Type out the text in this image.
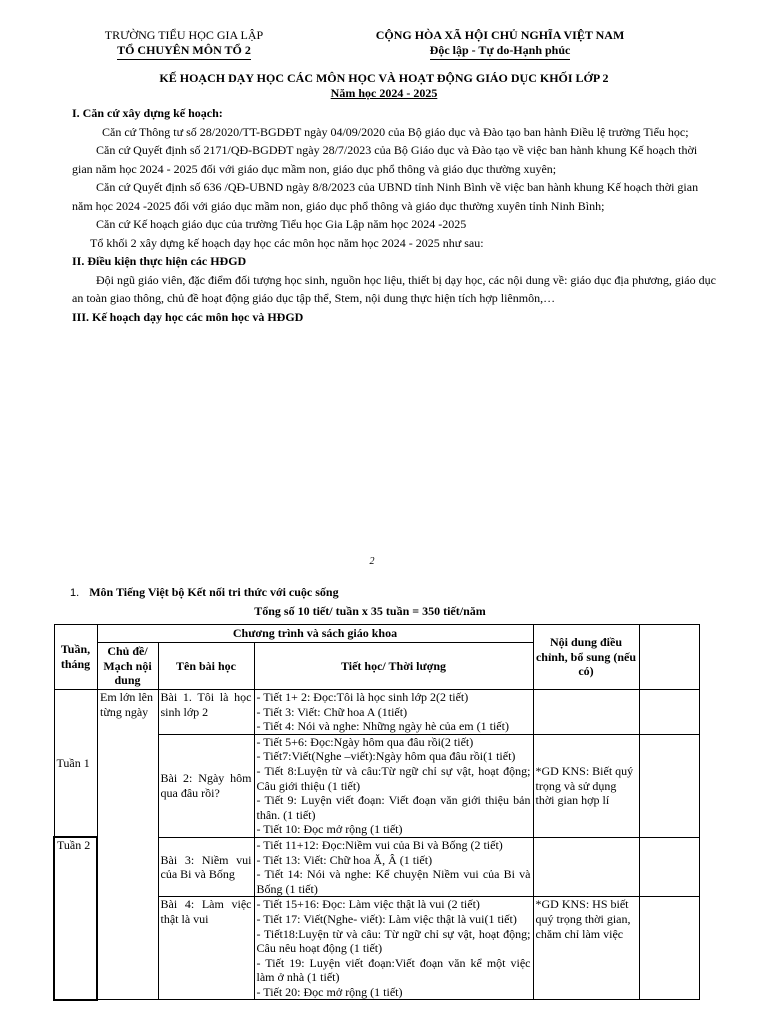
TRƯỜNG TIỂU HỌC GIA LẬP
TỔ CHUYÊN MÔN TỔ 2
CỘNG HÒA XÃ HỘI CHỦ NGHĨA VIỆT NAM
Độc lập - Tự do-Hạnh phúc
KẾ HOẠCH DẠY HỌC CÁC MÔN HỌC VÀ HOẠT ĐỘNG GIÁO DỤC KHỐI LỚP 2
Năm học 2024 - 2025

I. Căn cứ xây dựng kế hoạch:

Căn cứ Thông tư số 28/2020/TT-BGDĐT ngày 04/09/2020 của Bộ giáo dục và Đào tạo ban hành Điều lệ trường Tiểu học;

Căn cứ Quyết định số 2171/QĐ-BGDĐT ngày 28/7/2023 của Bộ Giáo dục và Đào tạo về việc ban hành khung Kế hoạch thời gian năm học 2024 - 2025 đối với giáo dục mầm non, giáo dục phổ thông và giáo dục thường xuyên;

Căn cứ Quyết định số 636 /QĐ-UBND ngày 8/8/2023 của UBND tỉnh Ninh Bình về việc ban hành khung Kế hoạch thời gian năm học 2024 -2025 đối với giáo dục mầm non, giáo dục phổ thông và giáo dục thường xuyên tỉnh Ninh Bình;

Căn cứ Kế hoạch giáo dục của trường Tiểu học Gia Lập năm học 2024 -2025

Tổ khối 2 xây dựng kế hoạch dạy học các môn học năm học 2024 - 2025 như sau:

II. Điều kiện thực hiện các HĐGD

Đội ngũ giáo viên, đặc điểm đối tượng học sinh, nguồn học liệu, thiết bị dạy học, các nội dung về: giáo dục địa phương, giáo dục an toàn giao thông, chủ đề hoạt động giáo dục tập thể, Stem, nội dung thực hiện tích hợp liênmôn,…

III. Kế hoạch dạy học các môn học và HĐGD

2
1. Môn Tiếng Việt bộ Kết nối tri thức với cuộc sống
Tổng số 10 tiết/ tuần x 35 tuần = 350 tiết/năm
Tuần, tháng	Chương trình và sách giáo khoa			Nội dung điều chỉnh, bổ sung (nếu có)	
	Chủ đề/ Mạch nội dung	Tên bài học	Tiết học/ Thời lượng		
Tuần 1	Em lớn lên từng ngày	Bài 1. Tôi là học sinh lớp 2	- Tiết 1+ 2: Đọc:Tôi là học sinh lớp 2(2 tiết)
- Tiết 3: Viết: Chữ hoa A (1tiết)
- Tiết 4: Nói và nghe: Những ngày hè của em (1 tiết)		

		Bài 2: Ngày hôm qua đâu rồi?	- Tiết 5+6: Đọc:Ngày hôm qua đâu rồi(2 tiết)
- Tiết7:Viết(Nghe –viết):Ngày hôm qua đâu rồi(1 tiết)
- Tiết 8:Luyện từ và câu:Từ ngữ chỉ sự vật, hoạt động; Câu giới thiệu (1 tiết)
- Tiết 9: Luyện viết đoạn: Viết đoạn văn giới thiệu bản thân. (1 tiết)
- Tiết 10: Đọc mở rộng (1 tiết)	*GD KNS: Biết quý trọng và sử dụng thời gian hợp lí	
Tuần 2		Bài 3: Niềm vui của Bi và Bống	- Tiết 11+12: Đọc:Niềm vui của Bi và Bống (2 tiết)
- Tiết 13: Viết: Chữ hoa Ă, Â (1 tiết)
- Tiết 14: Nói và nghe: Kể chuyện Niềm vui của Bi và Bống (1 tiết)		

		Bài 4: Làm việc thật là vui	- Tiết 15+16: Đọc: Làm việc thật là vui (2 tiết)
- Tiết 17: Viết(Nghe- viết): Làm việc thật là vui(1 tiết)
- Tiết18:Luyện từ và câu: Từ ngữ chỉ sự vật, hoạt động; Câu nêu hoạt động (1 tiết)
- Tiết 19: Luyện viết đoạn:Viết đoạn văn kể một việc làm ở nhà (1 tiết)
- Tiết 20: Đọc mở rộng (1 tiết)	*GD KNS: HS biết quý trọng thời gian, chăm chỉ làm việc	
